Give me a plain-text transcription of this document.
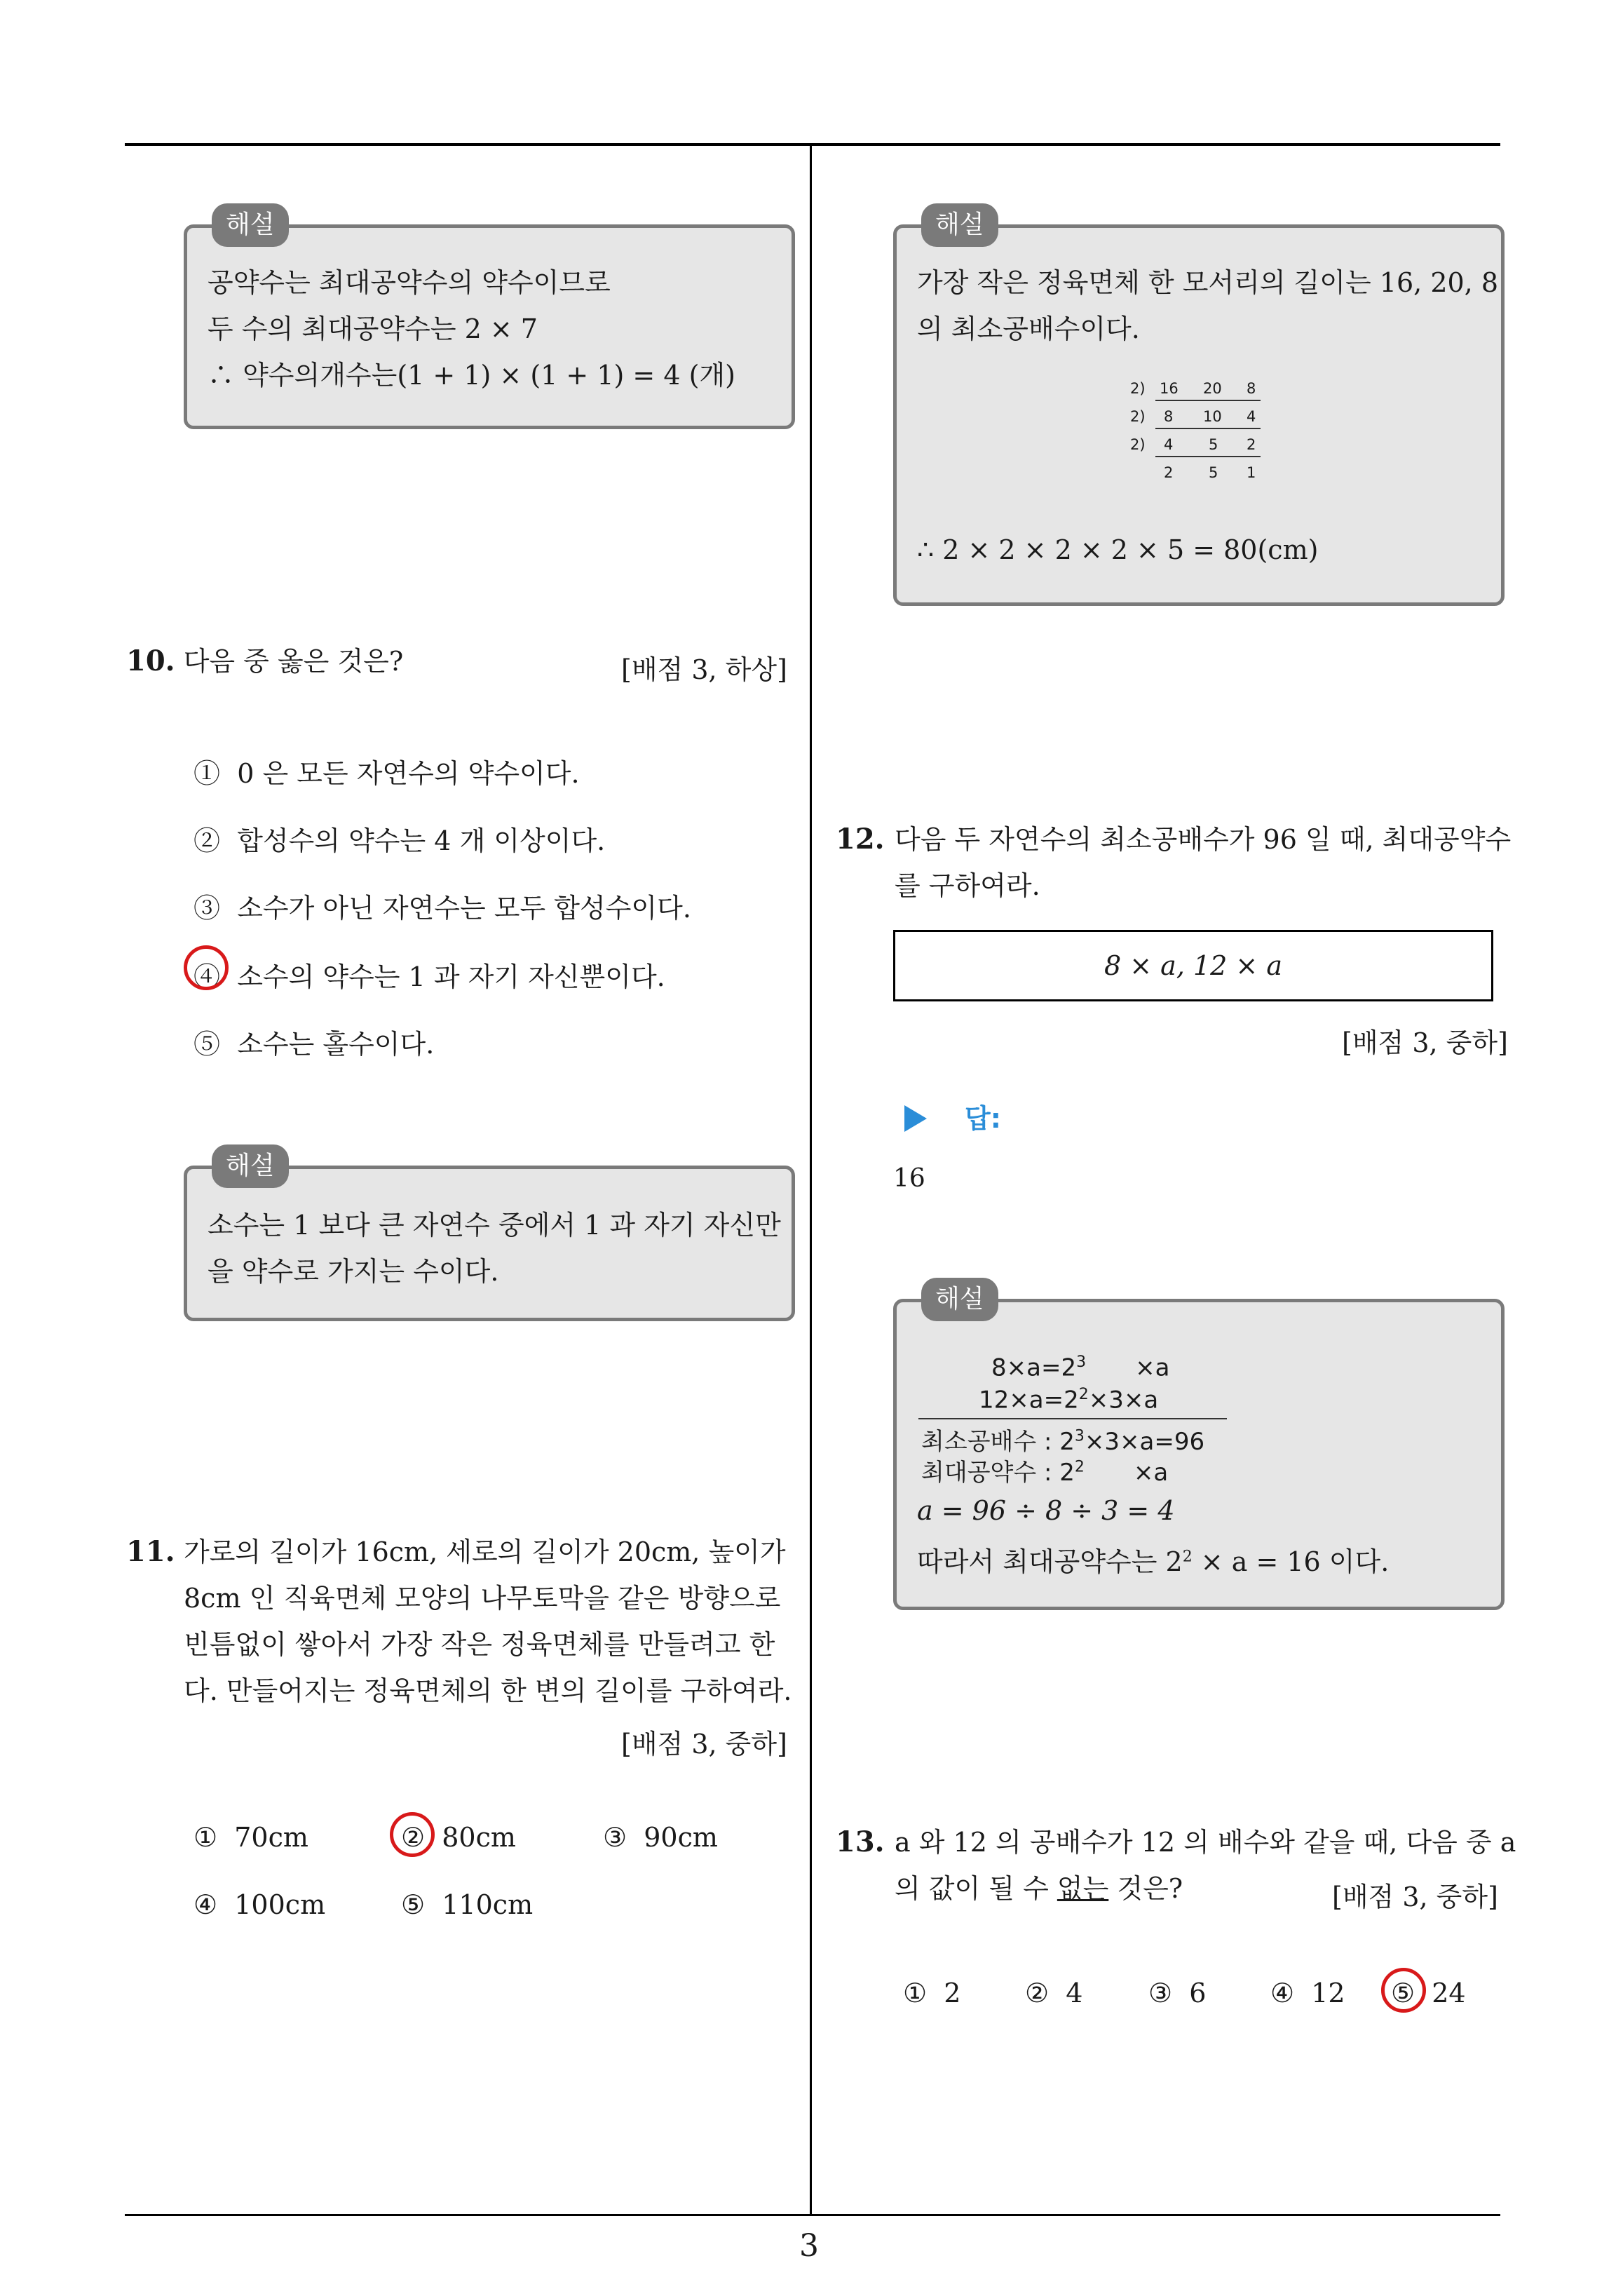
3
해설
공약수는 최대공약수의 약수이므로
두 수의 최대공약수는 2 × 7
∴ 약수의개수는(1 + 1) × (1 + 1) = 4 (개)
10. 다음 중 옳은 것은?	[배점 3, 하상]
① 0 은 모든 자연수의 약수이다.
② 합성수의 약수는 4 개 이상이다.
③ 소수가 아닌 자연수는 모두 합성수이다.
④ 소수의 약수는 1 과 자기 자신뿐이다.
⑤ 소수는 홀수이다.
해설
소수는 1 보다 큰 자연수 중에서 1 과 자기 자신만
을 약수로 가지는 수이다.
11. 가로의 길이가 16cm, 세로의 길이가 20cm, 높이가
8cm 인 직육면체 모양의 나무토막을 같은 방향으로
빈틈없이 쌓아서 가장 작은 정육면체를 만들려고 한
다. 만들어지는 정육면체의 한 변의 길이를 구하여라.
[배점 3, 중하]
① 70cm	② 80cm	③ 90cm
④ 100cm	⑤ 110cm
해설
가장 작은 정육면체 한 모서리의 길이는 16, 20, 8
의 최소공배수이다.
2) 16 20 8
2) 8 10 4
2) 4 5 2
2 5 1
∴ 2 × 2 × 2 × 2 × 5 = 80(cm)
12. 다음 두 자연수의 최소공배수가 96 일 때, 최대공약수
를 구하여라.
8 × a, 12 × a
[배점 3, 중하]
답:
16
해설
$8\times a=2^3 \times a$
$12\times a=2^2\times 3\times a$
최소공배수 : $2^3\times 3\times a=96$
최대공약수 : $2^2 \times a$
a = 96 ÷ 8 ÷ 3 = 4
따라서 최대공약수는 $2^2 \times a = 16$ 이다.
13. a 와 12 의 공배수가 12 의 배수와 같을 때, 다음 중 a
의 값이 될 수 없는 것은?	[배점 3, 중하]
① 2 ② 4 ③ 6 ④ 12 ⑤ 24
